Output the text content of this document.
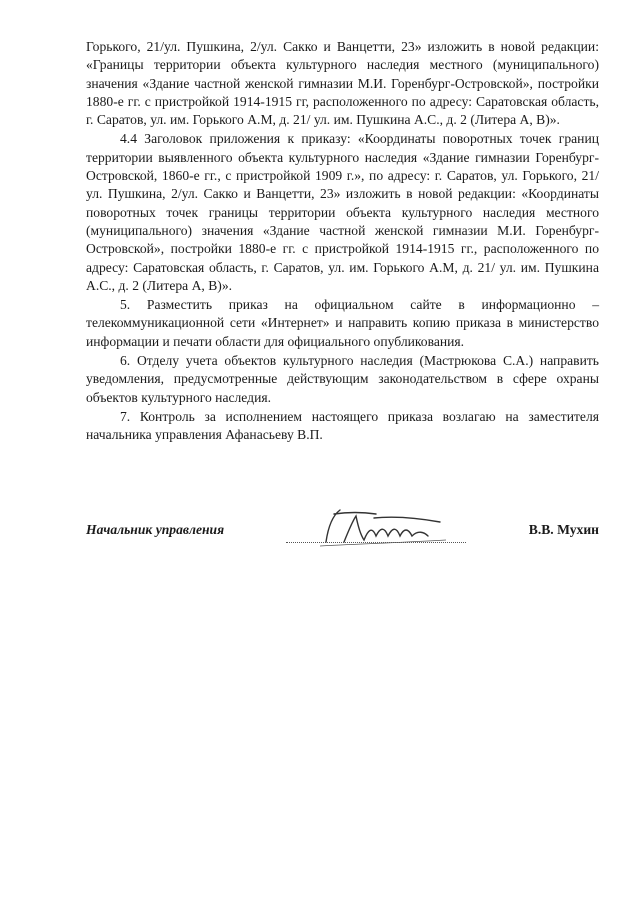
Горького, 21/ул. Пушкина, 2/ул. Сакко и Ванцетти, 23» изложить в новой редакции: «Границы территории объекта культурного наследия местного (муниципального) значения «Здание частной женской гимназии М.И. Горенбург-Островской», постройки 1880-е гг. с пристройкой 1914-1915 гг, расположенного по адресу: Саратовская область, г. Саратов, ул. им. Горького А.М, д. 21/ ул. им. Пушкина А.С., д. 2 (Литера А, В)».

4.4 Заголовок приложения к приказу: «Координаты поворотных точек границ территории выявленного объекта культурного наследия «Здание гимназии Горенбург-Островской, 1860-е гг., с пристройкой 1909 г.», по адресу: г. Саратов, ул. Горького, 21/ул. Пушкина, 2/ул. Сакко и Ванцетти, 23» изложить в новой редакции: «Координаты поворотных точек границы территории объекта культурного наследия местного (муниципального) значения «Здание частной женской гимназии М.И. Горенбург-Островской», постройки 1880-е гг. с пристройкой 1914-1915 гг., расположенного по адресу: Саратовская область, г. Саратов, ул. им. Горького А.М, д. 21/ ул. им. Пушкина А.С., д. 2 (Литера А, В)».

5. Разместить приказ на официальном сайте в информационно – телекоммуникационной сети «Интернет» и направить копию приказа в министерство информации и печати области для официального опубликования.

6. Отделу учета объектов культурного наследия (Мастрюкова С.А.) направить уведомления, предусмотренные действующим законодательством в сфере охраны объектов культурного наследия.

7. Контроль за исполнением настоящего приказа возлагаю на заместителя начальника управления Афанасьеву В.П.

Начальник управления	В.В. Мухин
